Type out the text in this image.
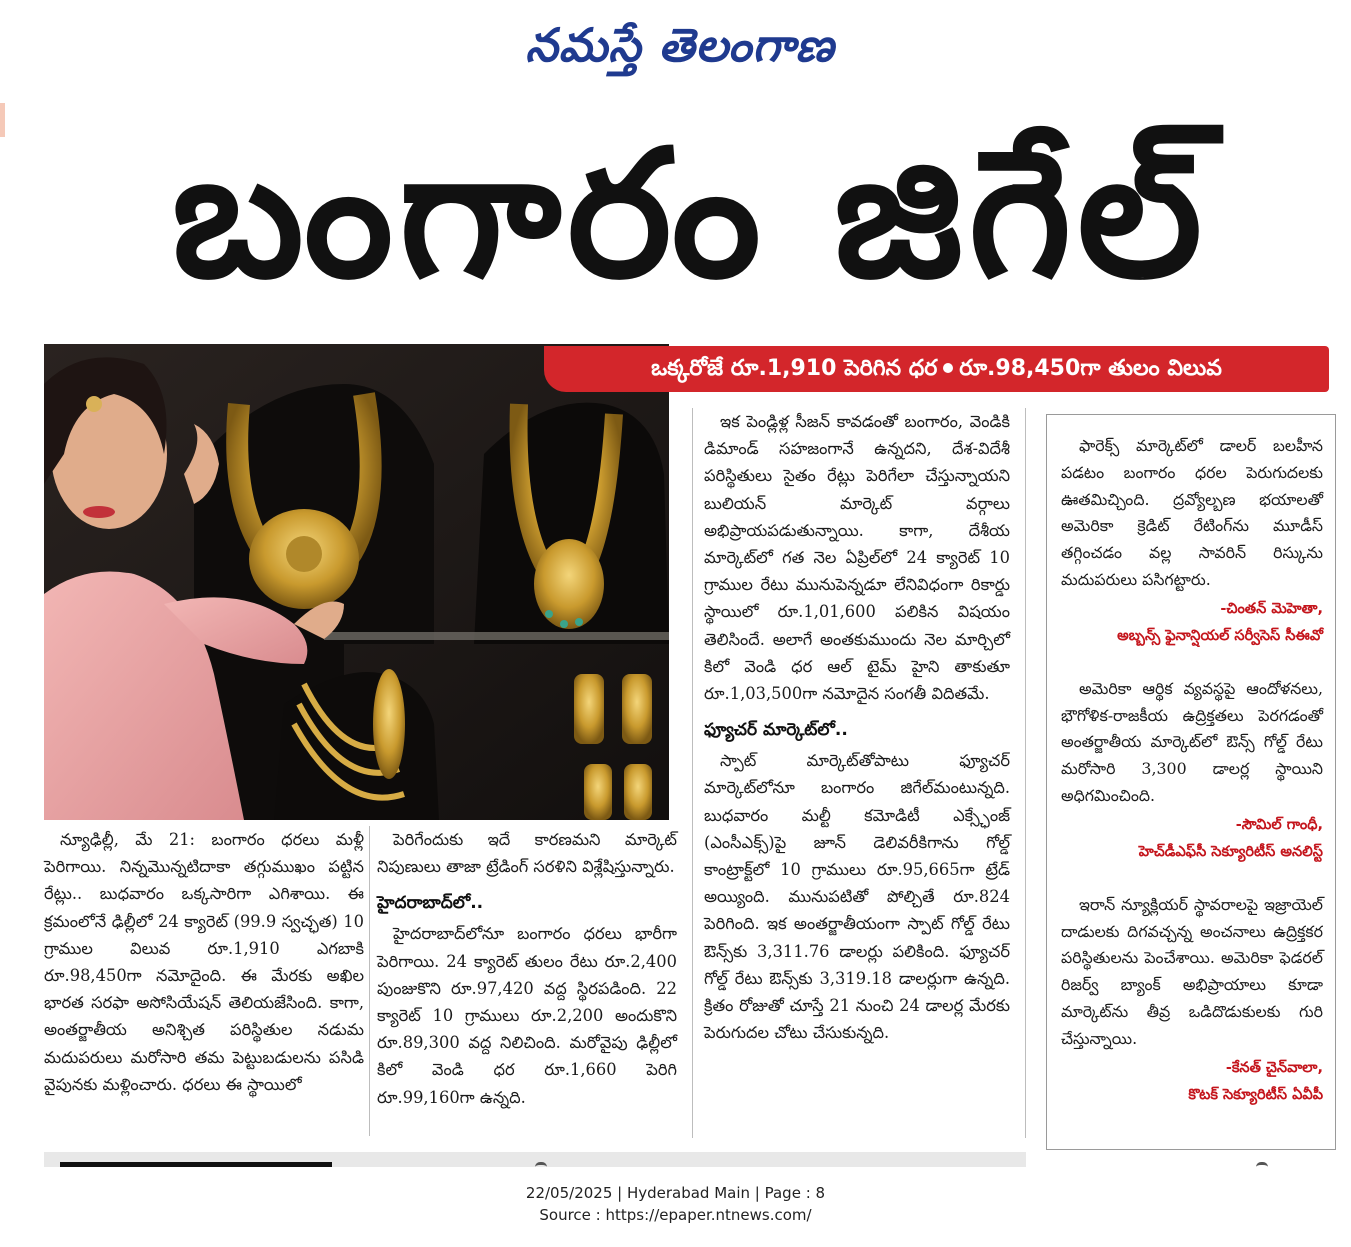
నమస్తే తెలంగాణ
బంగారం జిగేల్
ఒక్కరోజే రూ.1,910 పెరిగిన ధర రూ.98,450గా తులం విలువ

న్యూఢిల్లీ, మే 21: బంగారం ధరలు మళ్లీ పెరిగాయి. నిన్నమొన్నటిదాకా తగ్గుముఖం పట్టిన రేట్లు.. బుధవారం ఒక్కసారిగా ఎగిశాయి. ఈ క్రమంలోనే ఢిల్లీలో 24 క్యారెట్ (99.9 స్వచ్ఛత) 10 గ్రాముల విలువ రూ.1,910 ఎగబాకి రూ.98,450గా నమోదైంది. ఈ మేరకు అఖిల భారత సరఫా అసోసియేషన్ తెలియజేసింది. కాగా, అంతర్జాతీయ అనిశ్చిత పరిస్థితుల నడుమ మదుపరులు మరోసారి తమ పెట్టుబడులను పసిడి వైపునకు మళ్లించారు. ధరలు ఈ స్థాయిలో

పెరిగేందుకు ఇదే కారణమని మార్కెట్ నిపుణులు తాజా ట్రేడింగ్ సరళిని విశ్లేషిస్తున్నారు.

హైదరాబాద్‌లో..

హైదరాబాద్‌లోనూ బంగారం ధరలు భారీగా పెరిగాయి. 24 క్యారెట్ తులం రేటు రూ.2,400 పుంజుకొని రూ.97,420 వద్ద స్థిరపడింది. 22 క్యారెట్ 10 గ్రాములు రూ.2,200 అందుకొని రూ.89,300 వద్ద నిలిచింది. మరోవైపు ఢిల్లీలో కిలో వెండి ధర రూ.1,660 పెరిగి రూ.99,160గా ఉన్నది.

ఇక పెండ్లిళ్ల సీజన్ కావడంతో బంగారం, వెండికి డిమాండ్ సహజంగానే ఉన్నదని, దేశ-విదేశీ పరిస్థితులు సైతం రేట్లు పెరిగేలా చేస్తున్నాయని బులియన్ మార్కెట్ వర్గాలు అభిప్రాయపడుతున్నాయి. కాగా, దేశీయ మార్కెట్‌లో గత నెల ఏప్రిల్‌లో 24 క్యారెట్ 10 గ్రాముల రేటు మునుపెన్నడూ లేనివిధంగా రికార్డు స్థాయిలో రూ.1,01,600 పలికిన విషయం తెలిసిందే. అలాగే అంతకుముందు నెల మార్చిలో కిలో వెండి ధర ఆల్ టైమ్ హైని తాకుతూ రూ.1,03,500గా నమోదైన సంగతీ విదితమే.

ఫ్యూచర్ మార్కెట్‌లో..

స్పాట్ మార్కెట్‌తోపాటు ఫ్యూచర్ మార్కెట్‌లోనూ బంగారం జిగేల్‌మంటున్నది. బుధవారం మల్టీ కమోడిటీ ఎక్స్ఛేంజ్ (ఎంసీఎక్స్)పై జూన్ డెలివరీకిగాను గోల్డ్ కాంట్రాక్ట్‌లో 10 గ్రాములు రూ.95,665గా ట్రేడ్ అయ్యింది. మునుపటితో పోల్చితే రూ.824 పెరిగింది. ఇక అంతర్జాతీయంగా స్పాట్ గోల్డ్ రేటు ఔన్స్‌కు 3,311.76 డాలర్లు పలికింది. ఫ్యూచర్ గోల్డ్ రేటు ఔన్స్‌కు 3,319.18 డాలర్లుగా ఉన్నది. క్రితం రోజుతో చూస్తే 21 నుంచి 24 డాలర్ల మేరకు పెరుగుదల చోటు చేసుకున్నది.

ఫారెక్స్ మార్కెట్‌లో డాలర్ బలహీన పడటం బంగారం ధరల పెరుగుదలకు ఊతమిచ్చింది. ద్రవ్యోల్బణ భయాలతో అమెరికా క్రెడిట్ రేటింగ్‌ను మూడీస్ తగ్గించడం వల్ల సావరిన్ రిస్కును మదుపరులు పసిగట్టారు.

-చింతన్ మెహెతా,

అబ్బన్స్ ఫైనాన్షియల్ సర్వీసెస్ సీఈవో

అమెరికా ఆర్థిక వ్యవస్థపై ఆందోళనలు, భౌగోళిక-రాజకీయ ఉద్రిక్తతలు పెరగడంతో అంతర్జాతీయ మార్కెట్‌లో ఔన్స్ గోల్డ్ రేటు మరోసారి 3,300 డాలర్ల స్థాయిని అధిగమించింది.

-సౌమిల్ గాంధీ,

హెచ్‌డీఎఫ్‌సీ సెక్యూరిటీస్ అనలిస్ట్

ఇరాన్ న్యూక్లియర్ స్థావరాలపై ఇజ్రాయెల్ దాడులకు దిగవచ్చన్న అంచనాలు ఉద్రిక్తకర పరిస్థితులను పెంచేశాయి. అమెరికా ఫెడరల్ రిజర్వ్ బ్యాంక్ అభిప్రాయాలు కూడా మార్కెట్‌ను తీవ్ర ఒడిదొడుకులకు గురి చేస్తున్నాయి.

-కేనత్ చైన్‌వాలా,

కొటక్ సెక్యూరిటీస్ ఏవీపీ

22/05/2025 | Hyderabad Main | Page : 8
Source : https://epaper.ntnews.com/
